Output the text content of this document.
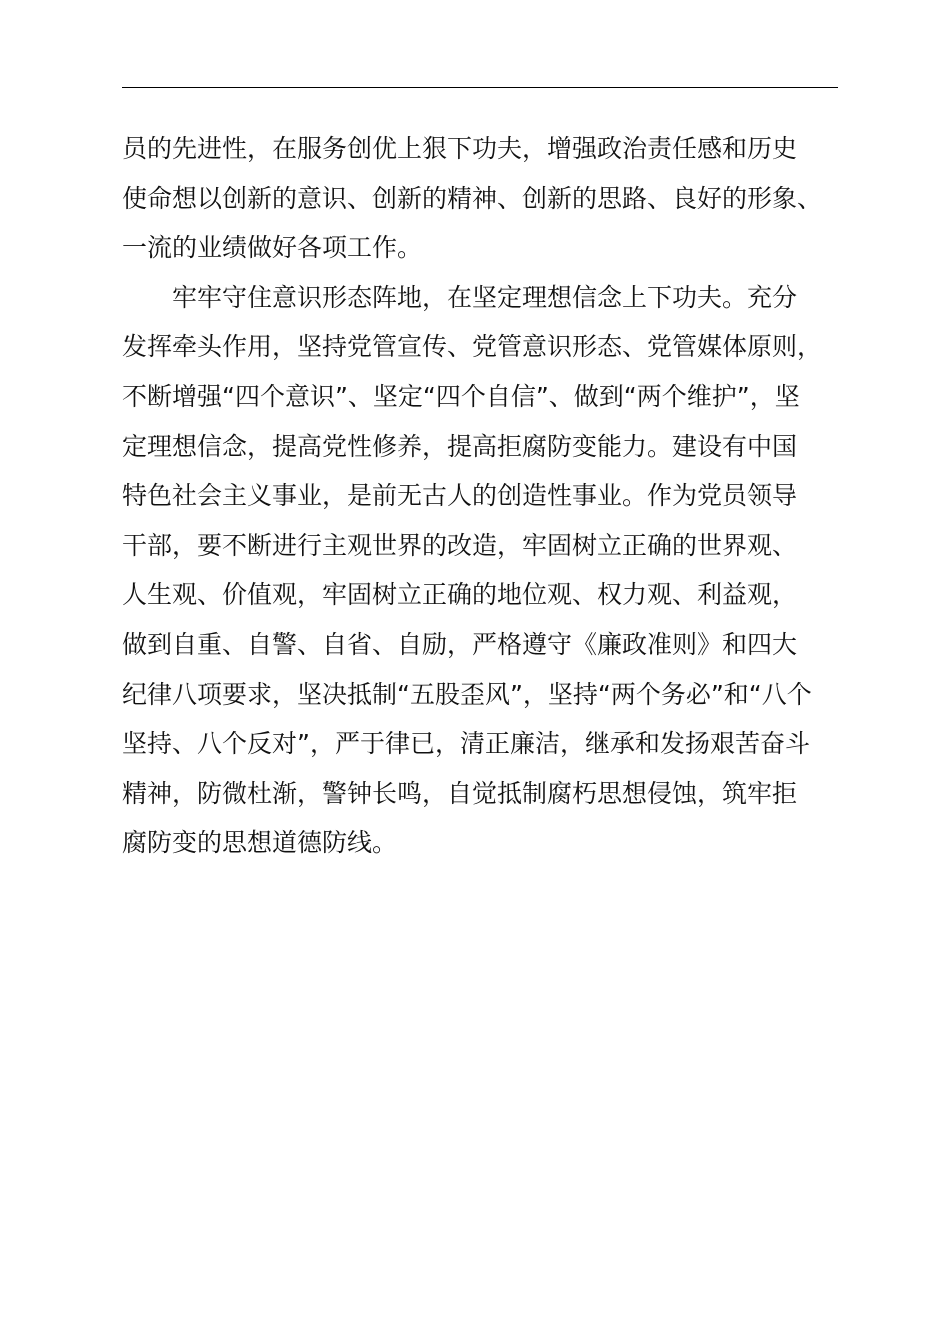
员的先进性，在服务创优上狠下功夫，增强政治责任感和历史
使命想以创新的意识、创新的精神、创新的思路、良好的形象、
一流的业绩做好各项工作。
牢牢守住意识形态阵地，在坚定理想信念上下功夫。充分
发挥牵头作用，坚持党管宣传、党管意识形态、党管媒体原则，
不断增强“四个意识”、坚定“四个自信”、做到“两个维护”，坚
定理想信念，提高党性修养，提高拒腐防变能力。建设有中国
特色社会主义事业，是前无古人的创造性事业。作为党员领导
干部，要不断进行主观世界的改造，牢固树立正确的世界观、
人生观、价值观，牢固树立正确的地位观、权力观、利益观，
做到自重、自警、自省、自励，严格遵守《廉政准则》和四大
纪律八项要求，坚决抵制“五股歪风”，坚持“两个务必”和“八个
坚持、八个反对”，严于律已，清正廉洁，继承和发扬艰苦奋斗
精神，防微杜渐，警钟长鸣，自觉抵制腐朽思想侵蚀，筑牢拒
腐防变的思想道德防线。
